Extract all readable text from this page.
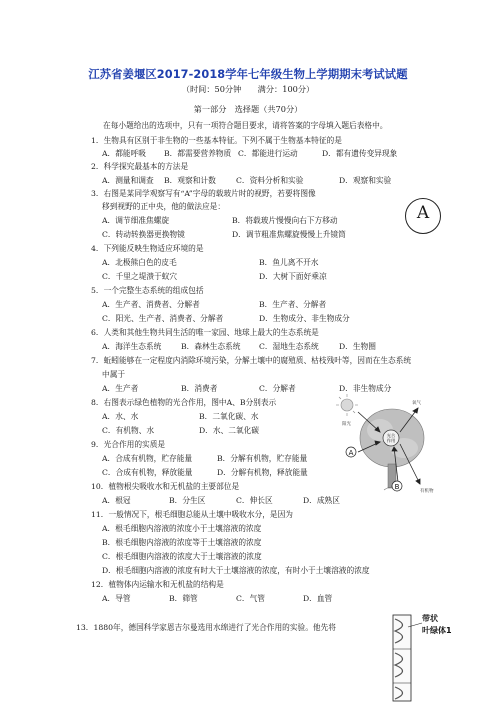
江苏省姜堰区2017-2018学年七年级生物上学期期末考试试题
（时间：50分钟　　满分：100分）
第一部分　选择题（共70分）
在每小题给出的选项中，只有一项符合题目要求，请将答案的字母填入题后表格中。
1．生物具有区别于非生物的一些基本特征。下列不属于生物基本特征的是
A．都能呼吸 B．都需要营养物质 C．都能进行运动	D．都有遗传变异现象
2．科学探究最基本的方法是
A．测量和调查 B．观察和计数	C．资料分析和实验	D．观察和实验
3．右图是某同学观察写有“A”字母的载玻片时的视野，若要将图像
移到视野的正中央，他的做法应是：
A．调节细准焦螺旋	B．将载玻片慢慢向右下方移动
C．转动转换器更换物镜	D．调节粗准焦螺旋慢慢上升镜筒
A
4．下列能反映生物适应环境的是
A．北极熊白色的皮毛	B．鱼儿离不开水
C．千里之堤溃于蚁穴	D．大树下面好乘凉
5．一个完整生态系统的组成包括
A．生产者、消费者、分解者	B．生产者、分解者
C．阳光、生产者、消费者、分解者	D．生物成分、非生物成分
6．人类和其他生物共同生活的唯一家园、地球上最大的生态系统是
A．海洋生态系统	B．森林生态系统 C．湿地生态系统	D．生物圈
7．蚯蚓能够在一定程度内消除环境污染，分解土壤中的腐殖质、枯枝残叶等，因而在生态系统
中属于
A．生产者	B．消费者	C．分解者	D．非生物成分
8．右图表示绿色植物的光合作用，图中A、B分别表示
A．水、水	B．二氧化碳、水
C．有机物、水	D．水、二氧化碳
阳光
氧气
光合
作用
A
B
有机物
9．光合作用的实质是
A．合成有机物，贮存能量	B．分解有机物，贮存能量
C．合成有机物，释放能量	D．分解有机物，释放能量
10．植物根尖吸收水和无机盐的主要部位是
A．根冠	B．分生区	C．伸长区	D．成熟区
11．一般情况下，根毛细胞总能从土壤中吸收水分，是因为
A．根毛细胞内溶液的浓度小于土壤溶液的浓度
B．根毛细胞内溶液的浓度等于土壤溶液的浓度
C．根毛细胞内溶液的浓度大于土壤溶液的浓度
D．根毛细胞内溶液的浓度有时大于土壤溶液的浓度，有时小于土壤溶液的浓度
12．植物体内运输水和无机盐的结构是
A．导管	B．筛管	C．气管	D．血管
13．1880年，德国科学家恩吉尔曼选用水绵进行了光合作用的实验。他先将
带状
叶绿体1
